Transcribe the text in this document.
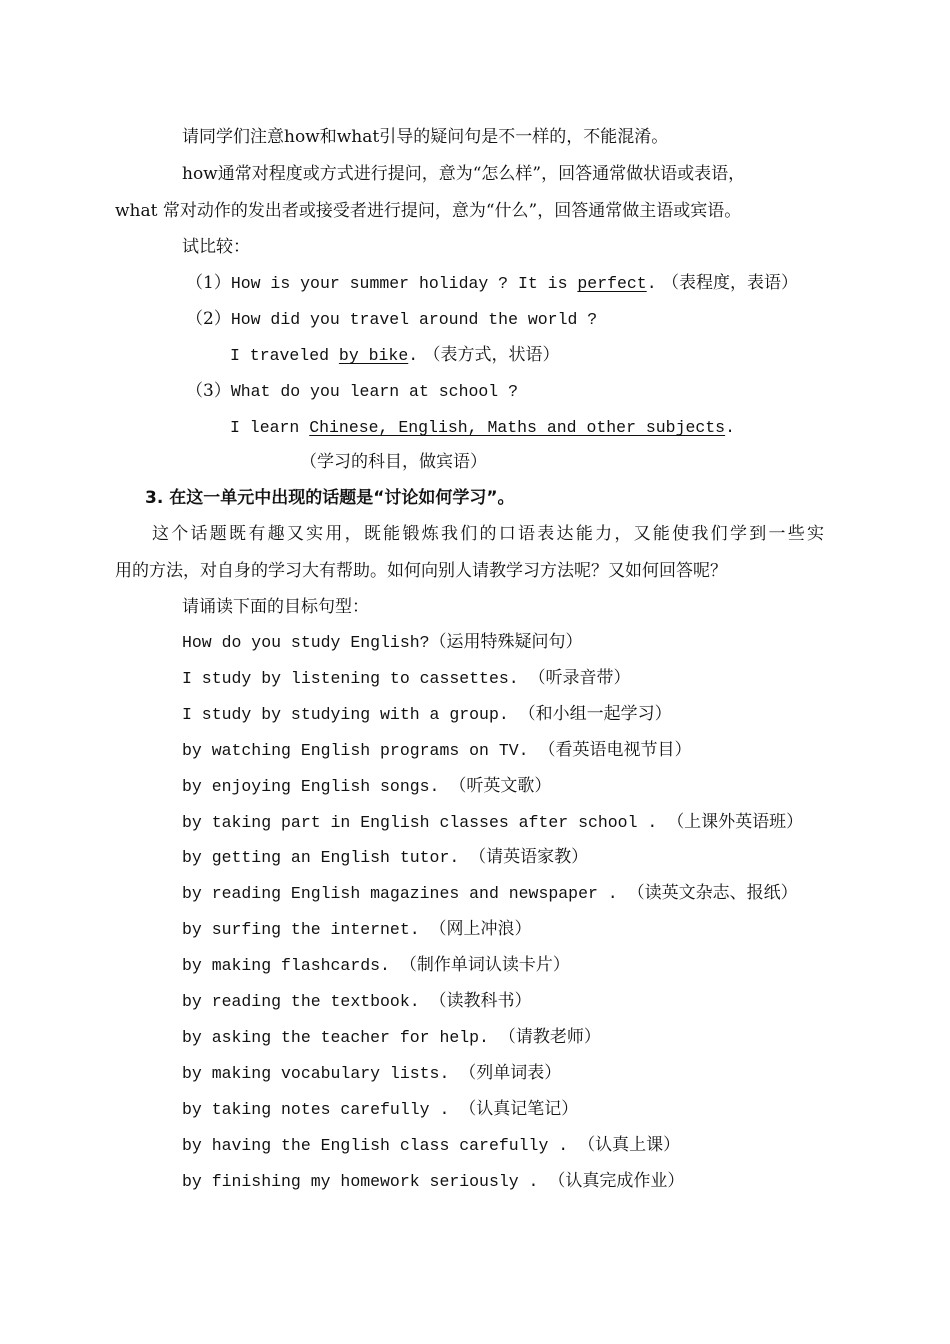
请同学们注意how和what引导的疑问句是不一样的，不能混淆。

how通常对程度或方式进行提问，意为“怎么样”，回答通常做状语或表语，

what 常对动作的发出者或接受者进行提问，意为“什么”，回答通常做主语或宾语。

试比较：

（1）How is your summer holiday ? It is perfect. （表程度，表语）

（2）How did you travel around the world ?

I traveled by bike. （表方式，状语）

（3）What do you learn at school ?

I learn Chinese, English, Maths and other subjects.

（学习的科目，做宾语）

3. 在这一单元中出现的话题是“讨论如何学习”。

这个话题既有趣又实用，既能锻炼我们的口语表达能力，又能使我们学到一些实

用的方法，对自身的学习大有帮助。如何向别人请教学习方法呢？又如何回答呢？

请诵读下面的目标句型：

How do you study English?（运用特殊疑问句）

I study by listening to cassettes. （听录音带）

I study by studying with a group. （和小组一起学习）

by watching English programs on TV. （看英语电视节目）

by enjoying English songs. （听英文歌）

by taking part in English classes after school . （上课外英语班）

by getting an English tutor. （请英语家教）

by reading English magazines and newspaper . （读英文杂志、报纸）

by surfing the internet. （网上冲浪）

by making flashcards. （制作单词认读卡片）

by reading the textbook. （读教科书）

by asking the teacher for help. （请教老师）

by making vocabulary lists. （列单词表）

by taking notes carefully . （认真记笔记）

by having the English class carefully . （认真上课）

by finishing my homework seriously . （认真完成作业）
